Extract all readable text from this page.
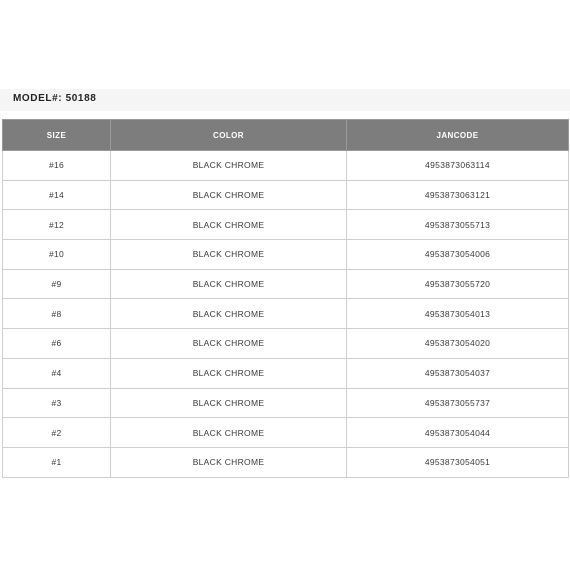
MODEL#: 50188
SIZE	COLOR	JANCODE
#16	BLACK CHROME	4953873063114
#14	BLACK CHROME	4953873063121
#12	BLACK CHROME	4953873055713
#10	BLACK CHROME	4953873054006
#9	BLACK CHROME	4953873055720
#8	BLACK CHROME	4953873054013
#6	BLACK CHROME	4953873054020
#4	BLACK CHROME	4953873054037
#3	BLACK CHROME	4953873055737
#2	BLACK CHROME	4953873054044
#1	BLACK CHROME	4953873054051
